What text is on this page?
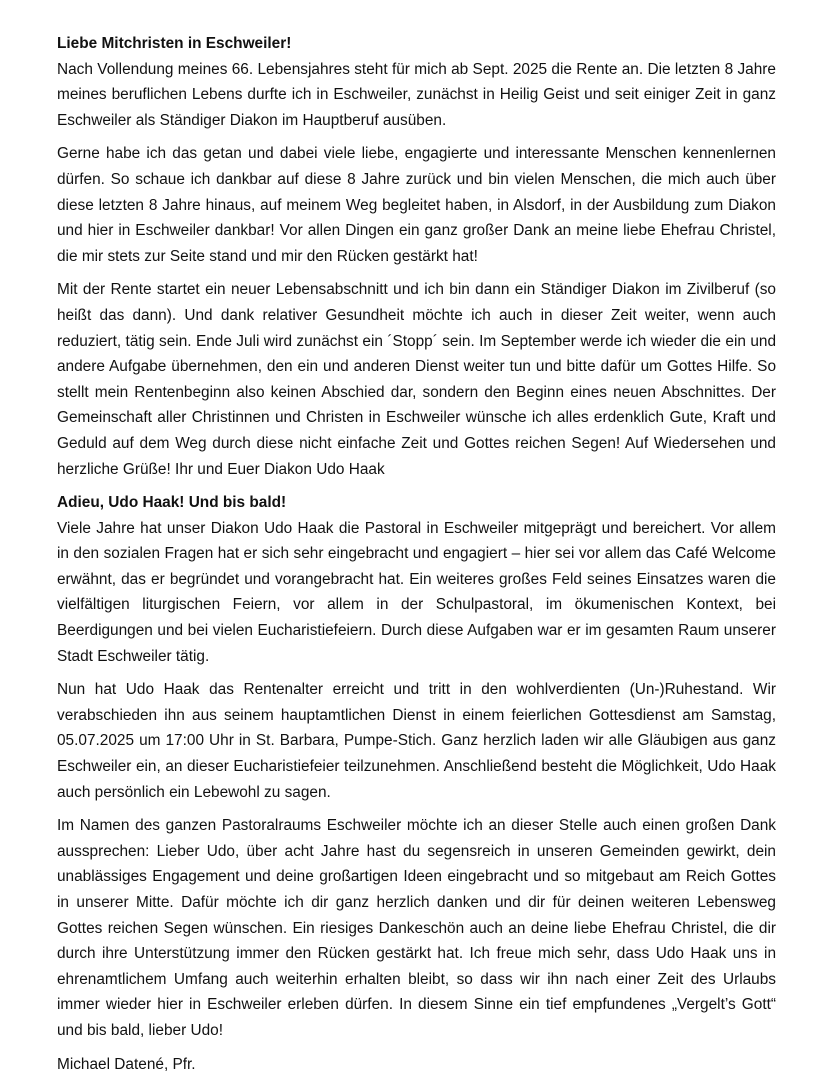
Liebe Mitchristen in Eschweiler!

Nach Vollendung meines 66. Lebensjahres steht für mich ab Sept. 2025 die Rente an. Die letzten 8 Jahre meines beruflichen Lebens durfte ich in Eschweiler, zunächst in Heilig Geist und seit einiger Zeit in ganz Eschweiler als Ständiger Diakon im Hauptberuf ausüben.

Gerne habe ich das getan und dabei viele liebe, engagierte und interessante Menschen kennenlernen dürfen. So schaue ich dankbar auf diese 8 Jahre zurück und bin vielen Menschen, die mich auch über diese letzten 8 Jahre hinaus, auf meinem Weg begleitet haben, in Alsdorf, in der Ausbildung zum Diakon und hier in Eschweiler dankbar! Vor allen Dingen ein ganz großer Dank an meine liebe Ehefrau Christel, die mir stets zur Seite stand und mir den Rücken gestärkt hat!

Mit der Rente startet ein neuer Lebensabschnitt und ich bin dann ein Ständiger Diakon im Zivilberuf (so heißt das dann). Und dank relativer Gesundheit möchte ich auch in dieser Zeit weiter, wenn auch reduziert, tätig sein. Ende Juli wird zunächst ein ´Stopp´ sein. Im September werde ich wieder die ein und andere Aufgabe übernehmen, den ein und anderen Dienst weiter tun und bitte dafür um Gottes Hilfe. So stellt mein Rentenbeginn also keinen Abschied dar, sondern den Beginn eines neuen Abschnittes. Der Gemeinschaft aller Christinnen und Christen in Eschweiler wünsche ich alles erdenklich Gute, Kraft und Geduld auf dem Weg durch diese nicht einfache Zeit und Gottes reichen Segen! Auf Wiedersehen und herzliche Grüße! Ihr und Euer Diakon Udo Haak

Adieu, Udo Haak! Und bis bald!

Viele Jahre hat unser Diakon Udo Haak die Pastoral in Eschweiler mitgeprägt und bereichert. Vor allem in den sozialen Fragen hat er sich sehr eingebracht und engagiert – hier sei vor allem das Café Welcome erwähnt, das er begründet und vorangebracht hat. Ein weiteres großes Feld seines Einsatzes waren die vielfältigen liturgischen Feiern, vor allem in der Schulpastoral, im ökumenischen Kontext, bei Beerdigungen und bei vielen Eucharistiefeiern. Durch diese Aufgaben war er im gesamten Raum unserer Stadt Eschweiler tätig.

Nun hat Udo Haak das Rentenalter erreicht und tritt in den wohlverdienten (Un-)Ruhestand. Wir verabschieden ihn aus seinem hauptamtlichen Dienst in einem feierlichen Gottesdienst am Samstag, 05.07.2025 um 17:00 Uhr in St. Barbara, Pumpe-Stich. Ganz herzlich laden wir alle Gläubigen aus ganz Eschweiler ein, an dieser Eucharistiefeier teilzunehmen. Anschließend besteht die Möglichkeit, Udo Haak auch persönlich ein Lebewohl zu sagen.

Im Namen des ganzen Pastoralraums Eschweiler möchte ich an dieser Stelle auch einen großen Dank aussprechen: Lieber Udo, über acht Jahre hast du segensreich in unseren Gemeinden gewirkt, dein unablässiges Engagement und deine großartigen Ideen eingebracht und so mitgebaut am Reich Gottes in unserer Mitte. Dafür möchte ich dir ganz herzlich danken und dir für deinen weiteren Lebensweg Gottes reichen Segen wünschen. Ein riesiges Dankeschön auch an deine liebe Ehefrau Christel, die dir durch ihre Unterstützung immer den Rücken gestärkt hat. Ich freue mich sehr, dass Udo Haak uns in ehrenamtlichem Umfang auch weiterhin erhalten bleibt, so dass wir ihn nach einer Zeit des Urlaubs immer wieder hier in Eschweiler erleben dürfen. In diesem Sinne ein tief empfundenes „Vergelt’s Gott“ und bis bald, lieber Udo!

Michael Datené, Pfr.
